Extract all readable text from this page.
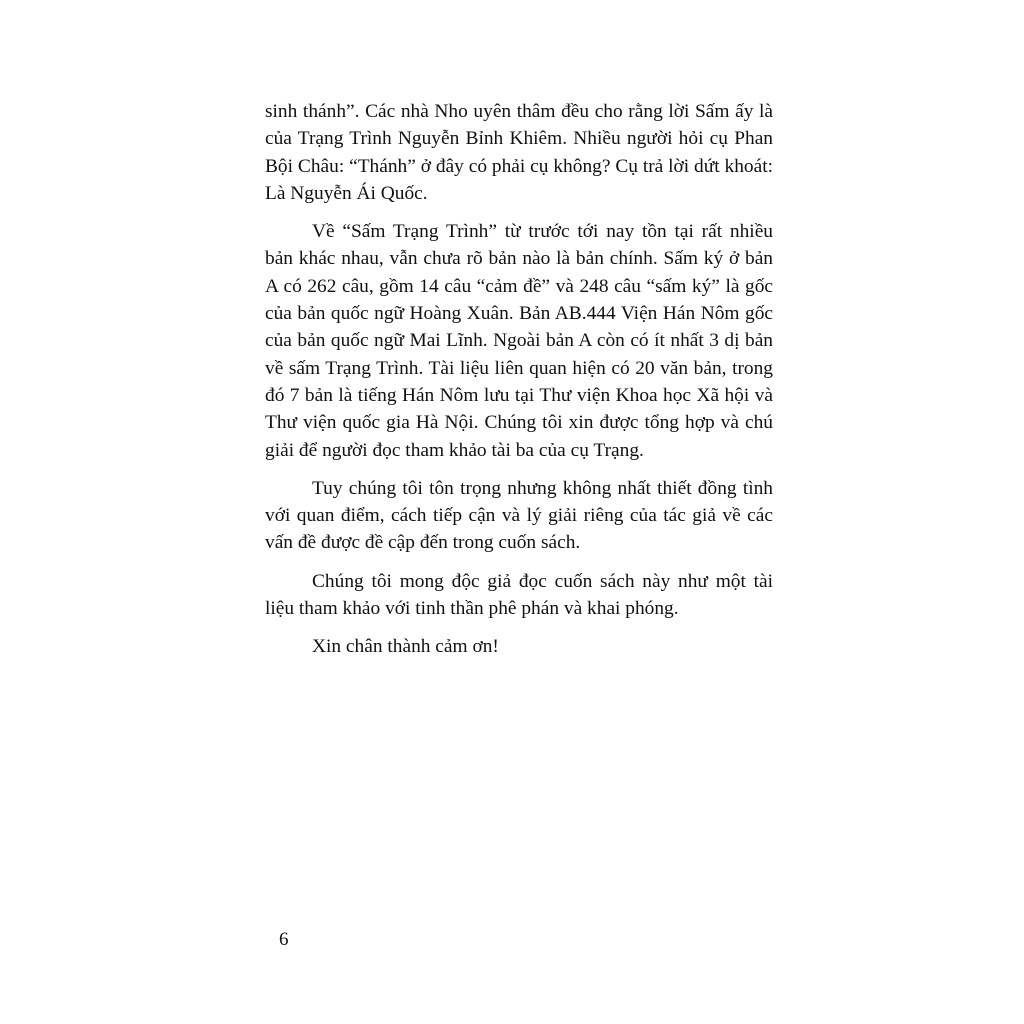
sinh thánh”. Các nhà Nho uyên thâm đều cho rằng lời Sấm ấy là của Trạng Trình Nguyễn Bỉnh Khiêm. Nhiều người hỏi cụ Phan Bội Châu: “Thánh” ở đây có phải cụ không? Cụ trả lời dứt khoát: Là Nguyễn Ái Quốc.

Về “Sấm Trạng Trình” từ trước tới nay tồn tại rất nhiều bản khác nhau, vẫn chưa rõ bản nào là bản chính. Sấm ký ở bản A có 262 câu, gồm 14 câu “cảm đề” và 248 câu “sấm ký” là gốc của bản quốc ngữ Hoàng Xuân. Bản AB.444 Viện Hán Nôm gốc của bản quốc ngữ Mai Lĩnh. Ngoài bản A còn có ít nhất 3 dị bản về sấm Trạng Trình. Tài liệu liên quan hiện có 20 văn bản, trong đó 7 bản là tiếng Hán Nôm lưu tại Thư viện Khoa học Xã hội và Thư viện quốc gia Hà Nội. Chúng tôi xin được tổng hợp và chú giải để người đọc tham khảo tài ba của cụ Trạng.

Tuy chúng tôi tôn trọng nhưng không nhất thiết đồng tình với quan điểm, cách tiếp cận và lý giải riêng của tác giả về các vấn đề được đề cập đến trong cuốn sách.

Chúng tôi mong độc giả đọc cuốn sách này như một tài liệu tham khảo với tinh thần phê phán và khai phóng.

Xin chân thành cảm ơn!

6
